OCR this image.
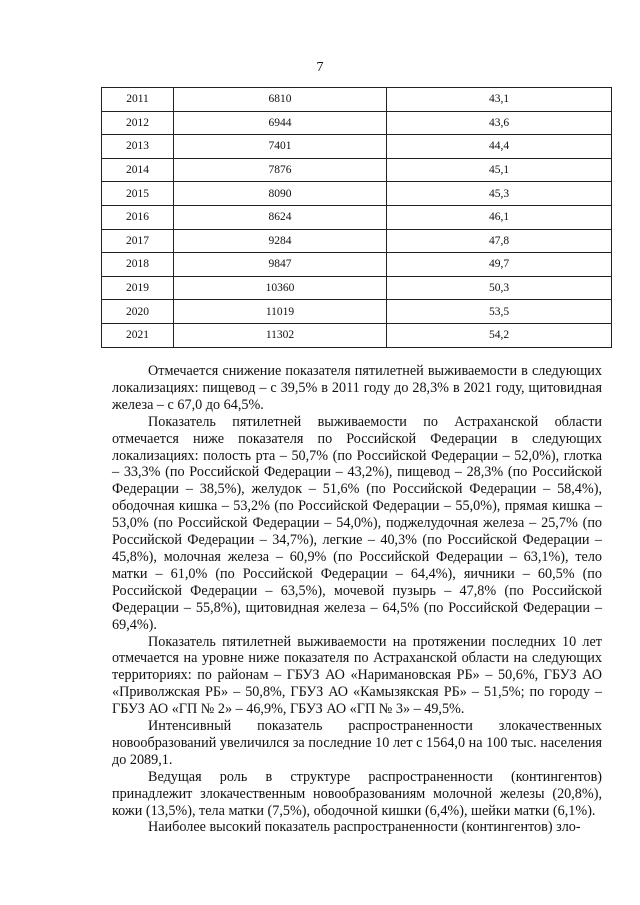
7
2011	6810	43,1
2012	6944	43,6
2013	7401	44,4
2014	7876	45,1
2015	8090	45,3
2016	8624	46,1
2017	9284	47,8
2018	9847	49,7
2019	10360	50,3
2020	11019	53,5
2021	11302	54,2

Отмечается снижение показателя пятилетней выживаемости в следующих локализациях: пищевод – с 39,5% в 2011 году до 28,3% в 2021 году, щитовидная железа – с 67,0 до 64,5%.

Показатель пятилетней выживаемости по Астраханской области отмечается ниже показателя по Российской Федерации в следующих локализациях: полость рта – 50,7% (по Российской Федерации – 52,0%), глотка – 33,3% (по Российской Федерации – 43,2%), пищевод – 28,3% (по Российской Федерации – 38,5%), желудок – 51,6% (по Российской Федерации – 58,4%), ободочная кишка – 53,2% (по Российской Федерации – 55,0%), прямая кишка – 53,0% (по Российской Федерации – 54,0%), поджелудочная железа – 25,7% (по Российской Федерации – 34,7%), легкие – 40,3% (по Российской Федерации – 45,8%), молочная железа – 60,9% (по Российской Федерации – 63,1%), тело матки – 61,0% (по Российской Федерации – 64,4%), яичники – 60,5% (по Российской Федерации – 63,5%), мочевой пузырь – 47,8% (по Российской Федерации – 55,8%), щитовидная железа – 64,5% (по Российской Федерации – 69,4%).

Показатель пятилетней выживаемости на протяжении последних 10 лет отмечается на уровне ниже показателя по Астраханской области на следующих территориях: по районам – ГБУЗ АО «Наримановская РБ» – 50,6%, ГБУЗ АО «Приволжская РБ» – 50,8%, ГБУЗ АО «Камызякская РБ» – 51,5%; по городу – ГБУЗ АО «ГП № 2» – 46,9%, ГБУЗ АО «ГП № 3» – 49,5%.

Интенсивный показатель распространенности злокачественных новообразований увеличился за последние 10 лет с 1564,0 на 100 тыс. населения до 2089,1.

Ведущая роль в структуре распространенности (контингентов) принадлежит злокачественным новообразованиям молочной железы (20,8%), кожи (13,5%), тела матки (7,5%), ободочной кишки (6,4%), шейки матки (6,1%).

Наиболее высокий показатель распространенности (контингентов) зло-
